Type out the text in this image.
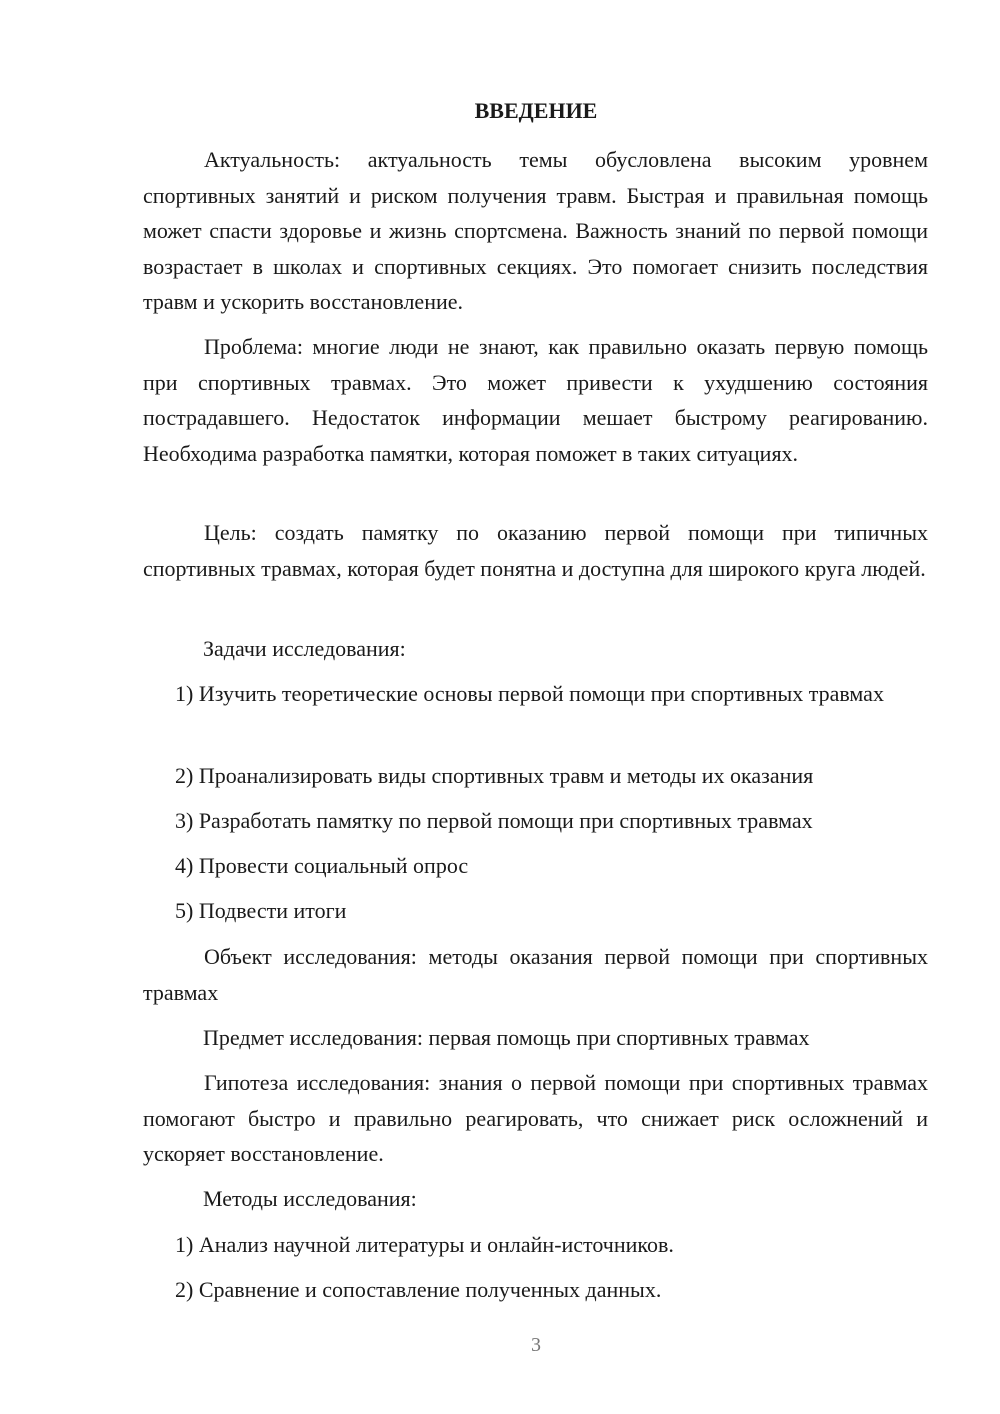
ВВЕДЕНИЕ

Актуальность: актуальность темы обусловлена высоким уровнем спортивных занятий и риском получения травм. Быстрая и правильная помощь может спасти здоровье и жизнь спортсмена. Важность знаний по первой помощи возрастает в школах и спортивных секциях. Это помогает снизить последствия травм и ускорить восстановление.

Проблема: многие люди не знают, как правильно оказать первую помощь при спортивных травмах. Это может привести к ухудшению состояния пострадавшего. Недостаток информации мешает быстрому реагированию. Необходима разработка памятки, которая поможет в таких ситуациях.

Цель: создать памятку по оказанию первой помощи при типичных спортивных травмах, которая будет понятна и доступна для широкого круга людей.

Задачи исследования:

1) Изучить теоретические основы первой помощи при спортивных травмах

2) Проанализировать виды спортивных травм и методы их оказания

3) Разработать памятку по первой помощи при спортивных травмах

4) Провести социальный опрос

5) Подвести итоги

Объект исследования: методы оказания первой помощи при спортивных травмах

Предмет исследования: первая помощь при спортивных травмах

Гипотеза исследования: знания о первой помощи при спортивных травмах помогают быстро и правильно реагировать, что снижает риск осложнений и ускоряет восстановление.

Методы исследования:

1) Анализ научной литературы и онлайн-источников.

2) Сравнение и сопоставление полученных данных.

3
